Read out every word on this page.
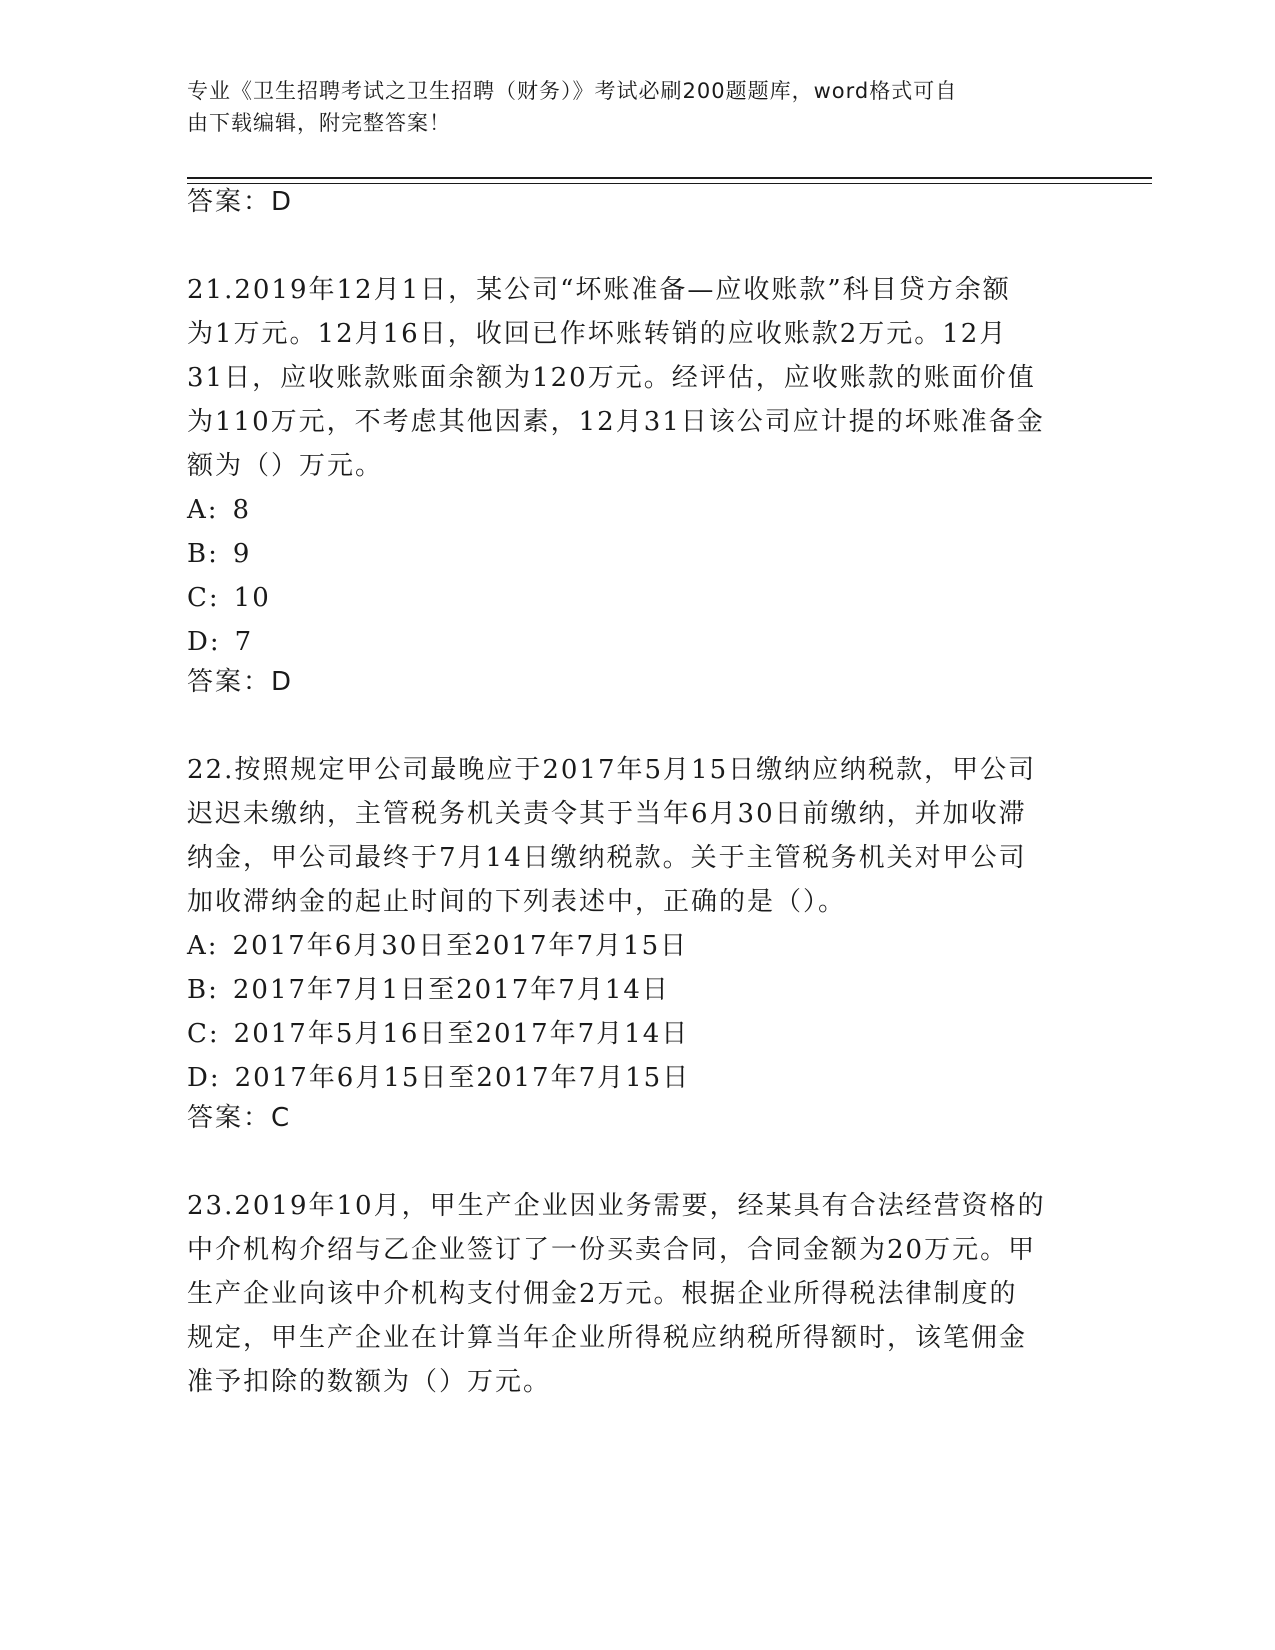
专业《卫生招聘考试之卫生招聘（财务）》考试必刷200题题库，word格式可自
由下载编辑，附完整答案！
答案：D
21.2019年12月1日，某公司“坏账准备—应收账款”科目贷方余额
为1万元。12月16日，收回已作坏账转销的应收账款2万元。12月
31日，应收账款账面余额为120万元。经评估，应收账款的账面价值
为110万元，不考虑其他因素，12月31日该公司应计提的坏账准备金
额为（）万元。
A: 8
B: 9
C: 10
D: 7
答案：D
22.按照规定甲公司最晚应于2017年5月15日缴纳应纳税款，甲公司
迟迟未缴纳，主管税务机关责令其于当年6月30日前缴纳，并加收滞
纳金，甲公司最终于7月14日缴纳税款。关于主管税务机关对甲公司
加收滞纳金的起止时间的下列表述中，正确的是（）。
A: 2017年6月30日至2017年7月15日
B: 2017年7月1日至2017年7月14日
C: 2017年5月16日至2017年7月14日
D: 2017年6月15日至2017年7月15日
答案：C
23.2019年10月，甲生产企业因业务需要，经某具有合法经营资格的
中介机构介绍与乙企业签订了一份买卖合同，合同金额为20万元。甲
生产企业向该中介机构支付佣金2万元。根据企业所得税法律制度的
规定，甲生产企业在计算当年企业所得税应纳税所得额时，该笔佣金
准予扣除的数额为（）万元。
